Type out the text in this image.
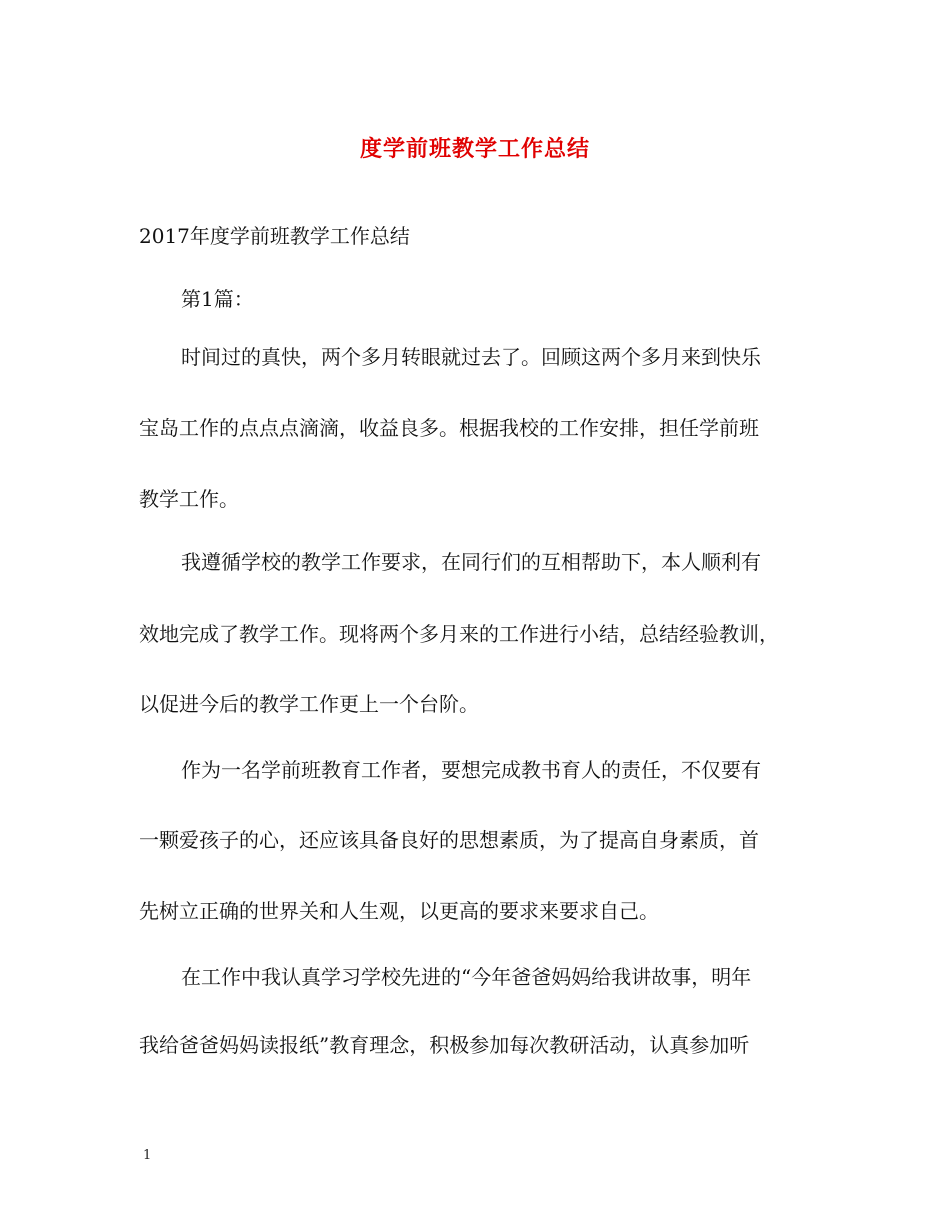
度学前班教学工作总结

2017年度学前班教学工作总结

第1篇：

时间过的真快，两个多月转眼就过去了。回顾这两个多月来到快乐

宝岛工作的点点点滴滴，收益良多。根据我校的工作安排，担任学前班

教学工作。

我遵循学校的教学工作要求，在同行们的互相帮助下，本人顺利有

效地完成了教学工作。现将两个多月来的工作进行小结，总结经验教训，

以促进今后的教学工作更上一个台阶。

作为一名学前班教育工作者，要想完成教书育人的责任，不仅要有

一颗爱孩子的心，还应该具备良好的思想素质，为了提高自身素质，首

先树立正确的世界关和人生观，以更高的要求来要求自己。

在工作中我认真学习学校先进的“今年爸爸妈妈给我讲故事，明年

我给爸爸妈妈读报纸”教育理念，积极参加每次教研活动，认真参加听

1
